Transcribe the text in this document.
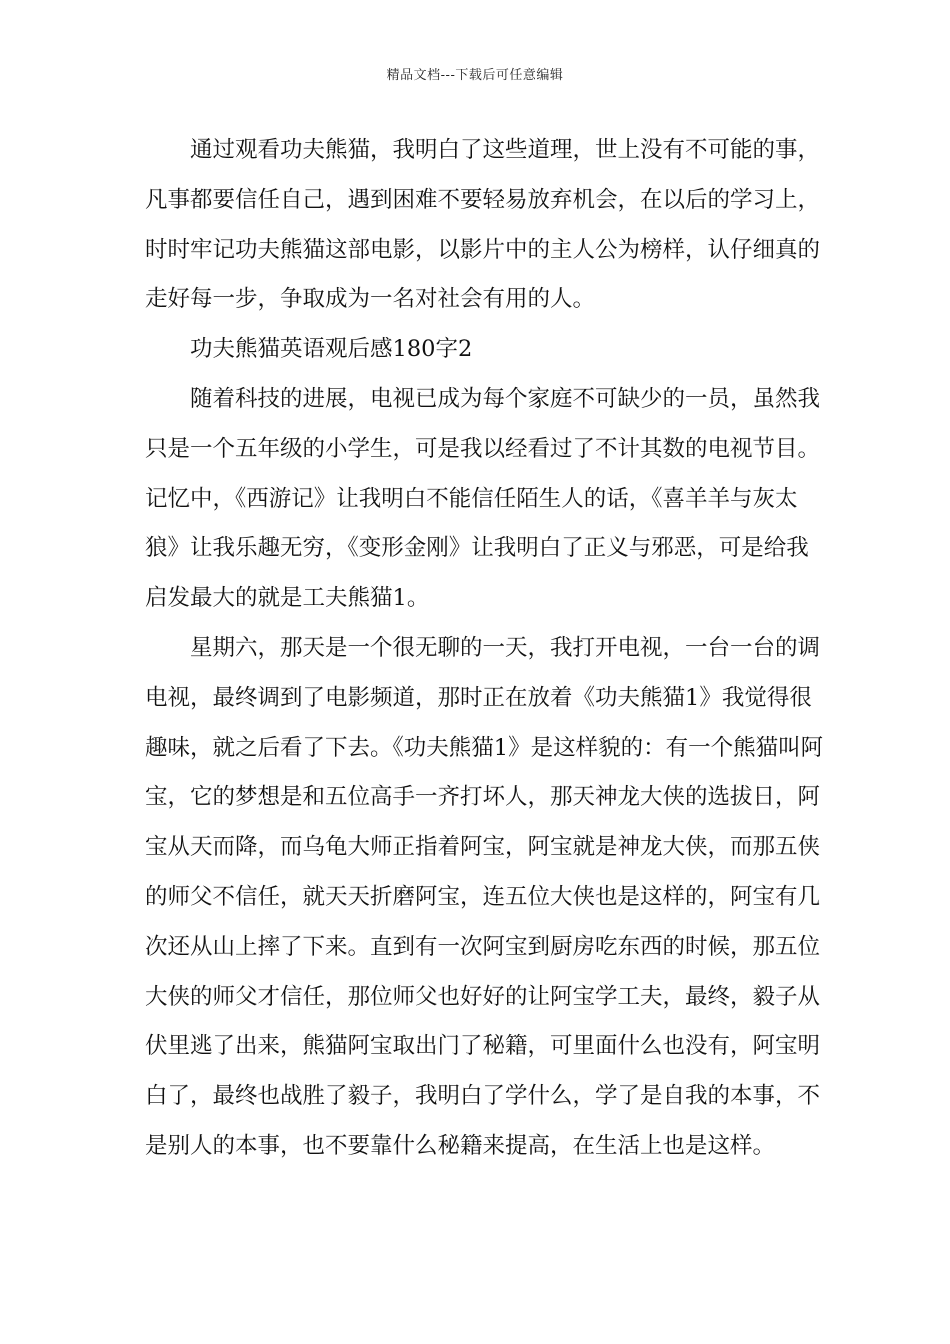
精品文档---下载后可任意编辑

通过观看功夫熊猫，我明白了这些道理，世上没有不可能的事，凡事都要信任自己，遇到困难不要轻易放弃机会，在以后的学习上，时时牢记功夫熊猫这部电影，以影片中的主人公为榜样，认仔细真的走好每一步，争取成为一名对社会有用的人。

功夫熊猫英语观后感180字2

随着科技的进展，电视已成为每个家庭不可缺少的一员，虽然我只是一个五年级的小学生，可是我以经看过了不计其数的电视节目。记忆中，《西游记》让我明白不能信任陌生人的话，《喜羊羊与灰太狼》让我乐趣无穷，《变形金刚》让我明白了正义与邪恶，可是给我启发最大的就是工夫熊猫1。

星期六，那天是一个很无聊的一天，我打开电视，一台一台的调电视，最终调到了电影频道，那时正在放着《功夫熊猫1》我觉得很趣味，就之后看了下去。《功夫熊猫1》是这样貌的：有一个熊猫叫阿宝，它的梦想是和五位高手一齐打坏人，那天神龙大侠的选拔日，阿宝从天而降，而乌龟大师正指着阿宝，阿宝就是神龙大侠，而那五侠的师父不信任，就天天折磨阿宝，连五位大侠也是这样的，阿宝有几次还从山上摔了下来。直到有一次阿宝到厨房吃东西的时候，那五位大侠的师父才信任，那位师父也好好的让阿宝学工夫，最终，毅子从伏里逃了出来，熊猫阿宝取出门了秘籍，可里面什么也没有，阿宝明白了，最终也战胜了毅子，我明白了学什么，学了是自我的本事，不是别人的本事，也不要靠什么秘籍来提高，在生活上也是这样。
